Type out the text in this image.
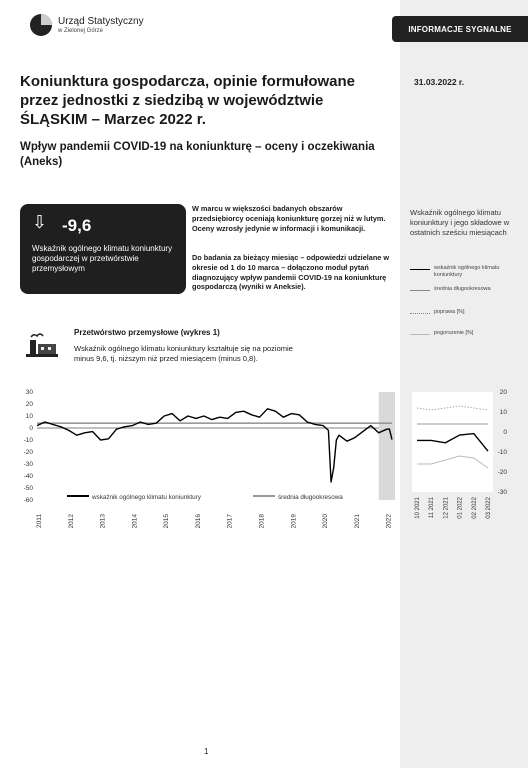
INFORMACJE SYGNALNE
31.03.2022 r.
Urząd Statystyczny
w Zielonej Górze
Koniunktura gospodarcza, opinie formułowane przez jednostki z siedzibą w województwie ŚLĄSKIM – Marzec 2022 r.
Wpływ pandemii COVID-19 na koniunkturę – oceny i oczekiwania (Aneks)
⇩ -9,6
Wskaźnik ogólnego klimatu koniunktury gospodarczej w przetwórstwie przemysłowym

W marcu w większości badanych obszarów przedsiębiorcy oceniają koniunkturę gorzej niż w lutym. Oceny wzrosły jedynie w informacji i komunikacji.

Do badania za bieżący miesiąc – odpowiedzi udzielane w okresie od 1 do 10 marca – dołączono moduł pytań diagnozujący wpływ pandemii COVID-19 na koniunkturę gospodarczą (wyniki w Aneksie).

Przetwórstwo przemysłowe (wykres 1)

Wskaźnik ogólnego klimatu koniunktury kształtuje się na poziomie minus 9,6, tj. niższym niż przed miesiącem (minus 0,8).

30
20
10
0
-10
-20
-30
-40
-50
-60
2011	2012	2013	2014	2015	2016	2017	2018	2019	2020	2021	2022
wskaźnik ogólnego klimatu koniunktury	średnia długookresowa
Wskaźnik ogólnego klimatu koniunktury i jego składowe w ostatnich sześciu miesiącach
wskaźnik ogólnego klimatu koniunktury
średnia długookresowa
poprawa [%]
pogorszenie [%]
20
10
0
-10
-20
-30
10 2021 11 2021 12 2021 01 2022 02 2022 03 2022
1
